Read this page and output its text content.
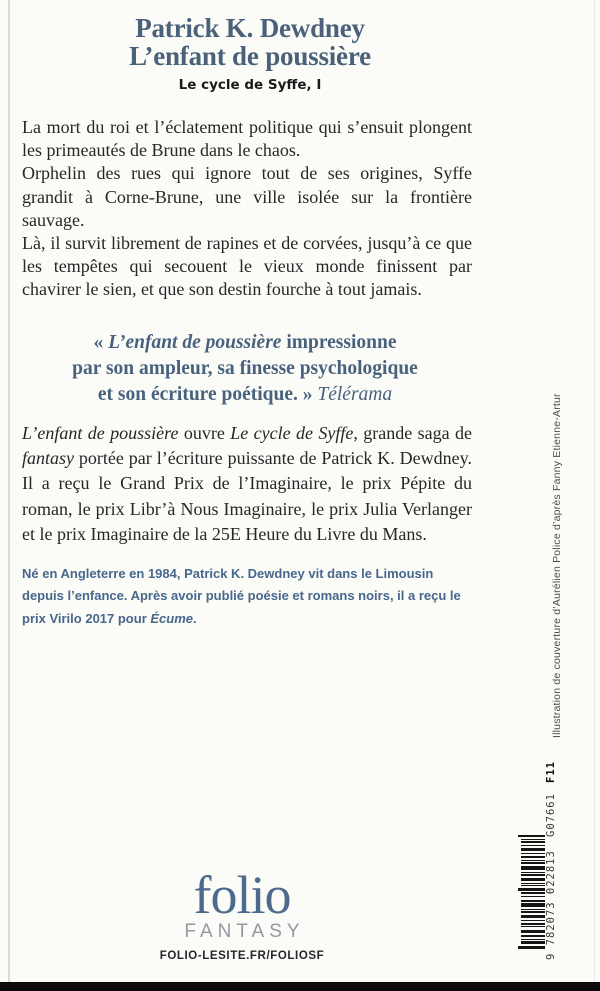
Patrick K. Dewdney
L’enfant de poussière
Le cycle de Syffe, I

La mort du roi et l’éclatement politique qui s’ensuit plongent les primeautés de Brune dans le chaos.

Orphelin des rues qui ignore tout de ses origines, Syffe grandit à Corne-Brune, une ville isolée sur la frontière sauvage.

Là, il survit librement de rapines et de corvées, jusqu’à ce que les tempêtes qui secouent le vieux monde finissent par chavirer le sien, et que son destin fourche à tout jamais.

« L’enfant de poussière impressionne
par son ampleur, sa finesse psychologique
et son écriture poétique. » Télérama
L’enfant de poussière ouvre Le cycle de Syffe, grande saga de fantasy portée par l’écriture puissante de Patrick K. Dewdney. Il a reçu le Grand Prix de l’Imaginaire, le prix Pépite du roman, le prix Libr’à Nous Imaginaire, le prix Julia Verlanger et le prix Imaginaire de la 25E Heure du Livre du Mans.
Né en Angleterre en 1984, Patrick K. Dewdney vit dans le Limousin depuis l’enfance. Après avoir publié poésie et romans noirs, il a reçu le prix Virilo 2017 pour Écume.
folio
FANTASY
FOLIO-LESITE.FR/FOLIOSF
Illustration de couverture d’Aurélien Police d’après Fanny Etienne-Artur
9 782073 022813G07661F11
